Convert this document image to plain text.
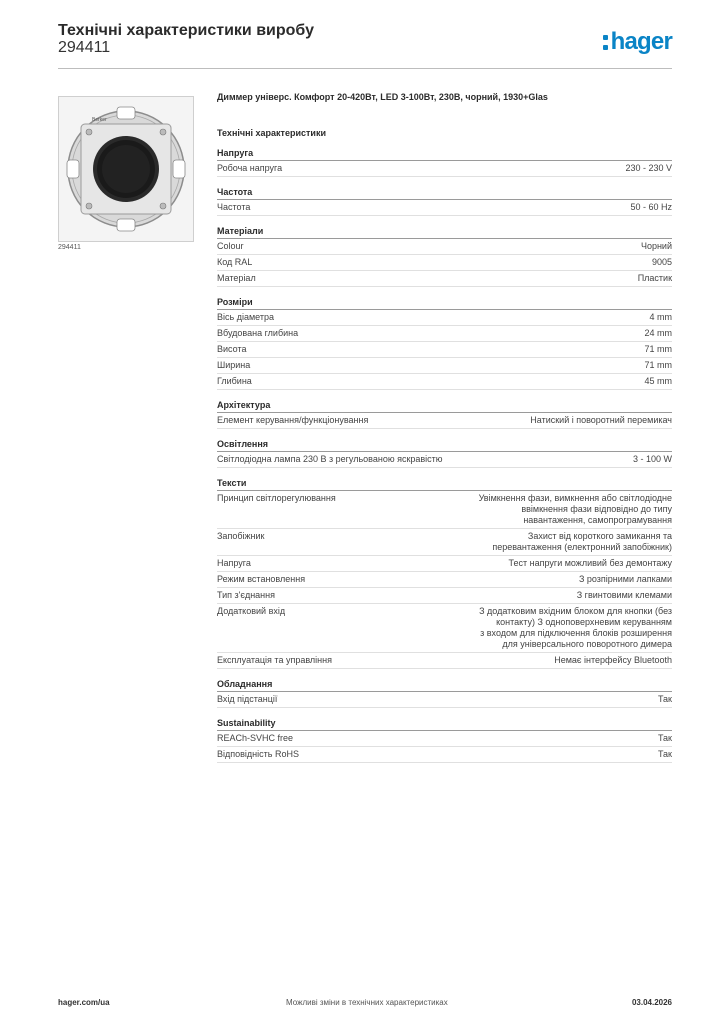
Технічні характеристики виробу
294411	hager
Berker
294411
Диммер універс. Комфорт 20-420Вт, LED 3-100Вт, 230В, чорний, 1930+Glas
Технічні характеристики
Напруга
Робоча напруга	230 - 230 V
Частота
Частота	50 - 60 Hz
Матеріали
Colour	Чорний
Код RAL	9005
Матеріал	Пластик
Розміри
Вісь діаметра	4 mm
Вбудована глибина	24 mm
Висота	71 mm
Ширина	71 mm
Глибина	45 mm
Архітектура
Елемент керування/функціонування	Натиский і поворотний перемикач
Освітлення
Світлодіодна лампа 230 В з регульованою яскравістю	3 - 100 W
Тексти
Принцип світлорегулювання	Увімкнення фази, вимкнення або світлодіодне
ввімкнення фази відповідно до типу
навантаження, самопрограмування
Запобіжник	Захист від короткого замикання та
перевантаження (електронний запобіжник)
Напруга	Тест напруги можливий без демонтажу
Режим встановлення	З розпірними лапками
Тип з'єднання	З гвинтовими клемами
Додатковий вхід	З додатковим вхідним блоком для кнопки (без
контакту) З одноповерхневим керуванням
з входом для підключення блоків розширення
для універсального поворотного димера
Експлуатація та управління	Немає інтерфейсу Bluetooth
Обладнання
Вхід підстанції	Так
Sustainability
REACh-SVHC free	Так
Відповідність RoHS	Так
hager.com/ua	Можливі зміни в технічних характеристиках	03.04.2026
